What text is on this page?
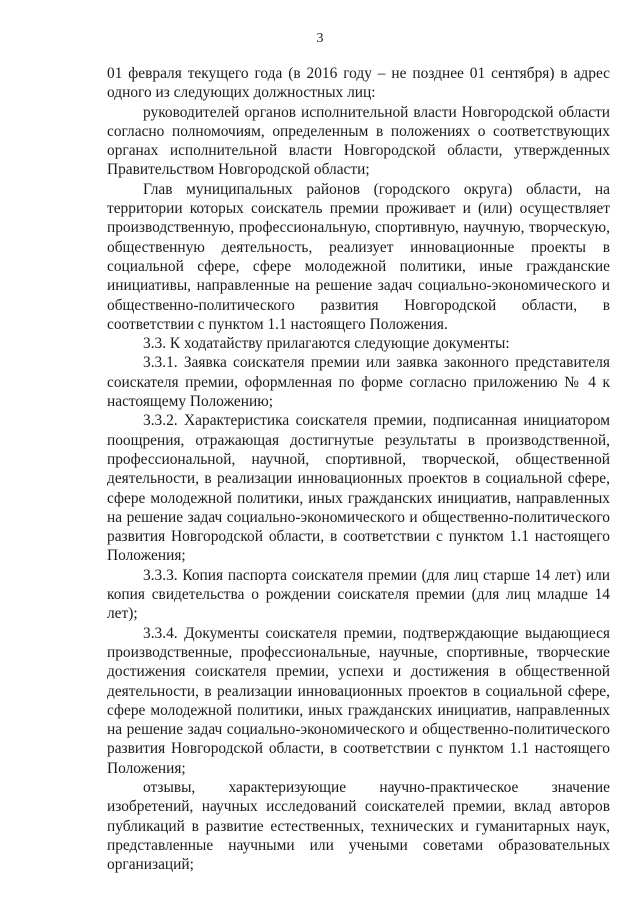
3

01 февраля текущего года (в 2016 году – не позднее 01 сентября) в адрес одного из следующих должностных лиц:

руководителей органов исполнительной власти Новгородской области согласно полномочиям, определенным в положениях о соответствующих органах исполнительной власти Новгородской области, утвержденных Правительством Новгородской области;

Глав муниципальных районов (городского округа) области, на территории которых соискатель премии проживает и (или) осуществляет производственную, профессиональную, спортивную, научную, творческую, общественную деятельность, реализует инновационные проекты в социальной сфере, сфере молодежной политики, иные гражданские инициативы, направленные на решение задач социально-экономического и общественно-политического развития Новгородской области, в соответствии с пунктом 1.1 настоящего Положения.

3.3. К ходатайству прилагаются следующие документы:

3.3.1. Заявка соискателя премии или заявка законного представителя соискателя премии, оформленная по форме согласно приложению № 4 к настоящему Положению;

3.3.2. Характеристика соискателя премии, подписанная инициатором поощрения, отражающая достигнутые результаты в производственной, профессиональной, научной, спортивной, творческой, общественной деятельности, в реализации инновационных проектов в социальной сфере, сфере молодежной политики, иных гражданских инициатив, направленных на решение задач социально-экономического и общественно-политического развития Новгородской области, в соответствии с пунктом 1.1 настоящего Положения;

3.3.3. Копия паспорта соискателя премии (для лиц старше 14 лет) или копия свидетельства о рождении соискателя премии (для лиц младше 14 лет);

3.3.4. Документы соискателя премии, подтверждающие выдающиеся производственные, профессиональные, научные, спортивные, творческие достижения соискателя премии, успехи и достижения в общественной деятельности, в реализации инновационных проектов в социальной сфере, сфере молодежной политики, иных гражданских инициатив, направленных на решение задач социально-экономического и общественно-политического развития Новгородской области, в соответствии с пунктом 1.1 настоящего Положения;

отзывы, характеризующие научно-практическое значение изобретений, научных исследований соискателей премии, вклад авторов публикаций в развитие естественных, технических и гуманитарных наук, представленные научными или учеными советами образовательных организаций;
